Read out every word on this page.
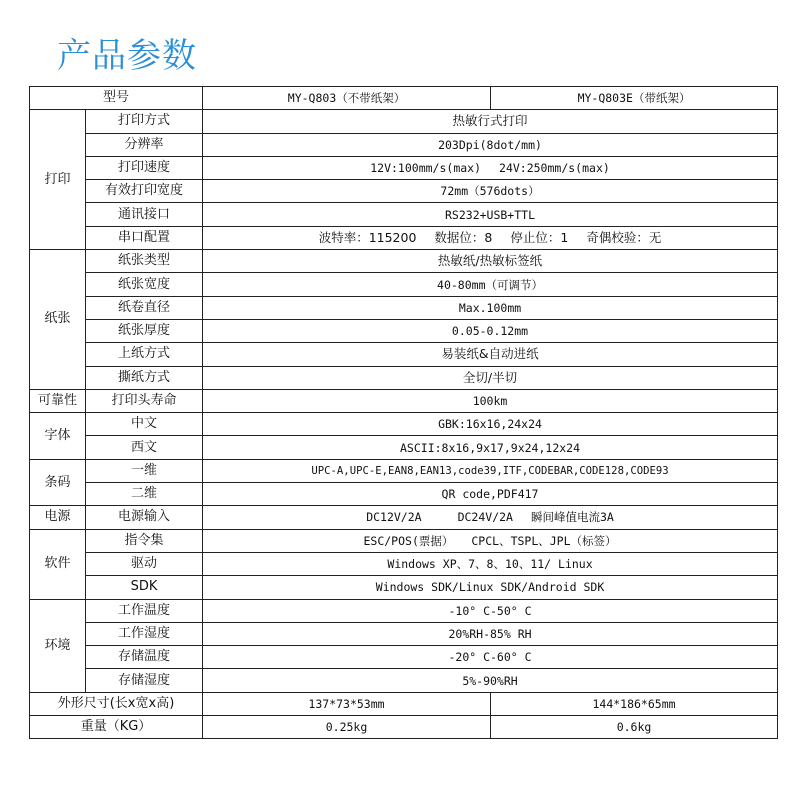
产品参数
型号		MY-Q803（不带纸架）	MY-Q803E（带纸架）
打印	打印方式	热敏行式打印	
	分辨率	203Dpi(8dot/mm)	
	打印速度	12V:100mm/s(max) 24V:250mm/s(max)	
	有效打印宽度	72mm（576dots）	
	通讯接口	RS232+USB+TTL	
	串口配置	波特率：115200 数据位：8 停止位：1 奇偶校验：无	
纸张	纸张类型	热敏纸/热敏标签纸	
	纸张宽度	40-80mm（可调节）	
	纸卷直径	Max.100mm	
	纸张厚度	0.05-0.12mm	
	上纸方式	易装纸&自动进纸	
	撕纸方式	全切/半切	
可靠性	打印头寿命	100km	
字体	中文	GBK:16x16,24x24	
	西文	ASCII:8x16,9x17,9x24,12x24	
条码	一维	UPC-A,UPC-E,EAN8,EAN13,code39,ITF,CODEBAR,CODE128,CODE93	
	二维	QR code,PDF417	
电源	电源输入	DC12V/2A DC24V/2A 瞬间峰值电流3A	
软件	指令集	ESC/POS(票据） CPCL、TSPL、JPL（标签）	
	驱动	Windows XP、7、8、10、11/ Linux	
	SDK	Windows SDK/Linux SDK/Android SDK	
环境	工作温度	-10° C-50° C	
	工作湿度	20%RH-85% RH	
	存储温度	-20° C-60° C	
	存储湿度	5%-90%RH	
外形尺寸(长x宽x高)		137*73*53mm	144*186*65mm
重量（KG）		0.25kg	0.6kg
